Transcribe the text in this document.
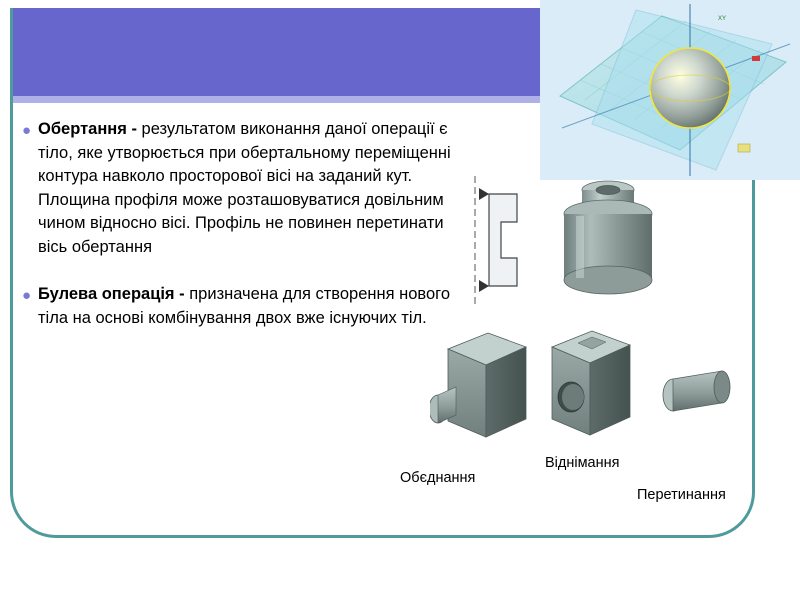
XY
● Обертання - результатом виконання даної операції є тіло, яке утворюється при обертальному переміщенні контура навколо просторової вісі на заданий кут. Площина профіля може розташовуватися довільним чином відносно вісі. Профіль не повинен перетинати вісь обертання
● Булева операція - призначена для створення нового тіла на основі комбінування двох вже існуючих тіл.
Обєднання
Віднімання
Перетинання
